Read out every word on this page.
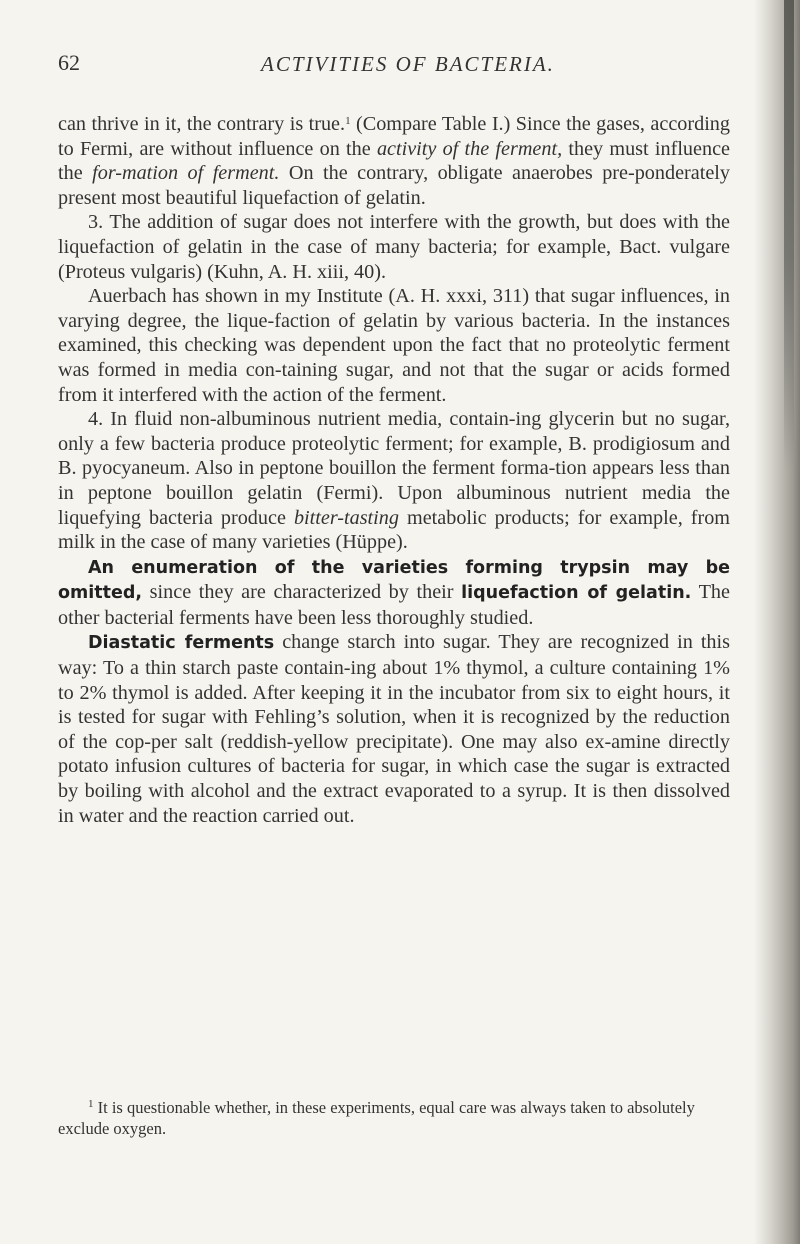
62	ACTIVITIES OF BACTERIA.

can thrive in it, the contrary is true.$^1$ (Compare Table I.) Since the gases, according to Fermi, are without influence on the activity of the ferment, they must influence the for-mation of ferment. On the contrary, obligate anaerobes pre-ponderately present most beautiful liquefaction of gelatin.

3. The addition of sugar does not interfere with the growth, but does with the liquefaction of gelatin in the case of many bacteria; for example, Bact. vulgare (Proteus vulgaris) (Kuhn, A. H. xiii, 40).

Auerbach has shown in my Institute (A. H. xxxi, 311) that sugar influences, in varying degree, the lique-faction of gelatin by various bacteria. In the instances examined, this checking was dependent upon the fact that no proteolytic ferment was formed in media con-taining sugar, and not that the sugar or acids formed from it interfered with the action of the ferment.

4. In fluid non-albuminous nutrient media, contain-ing glycerin but no sugar, only a few bacteria produce proteolytic ferment; for example, B. prodigiosum and B. pyocyaneum. Also in peptone bouillon the ferment forma-tion appears less than in peptone bouillon gelatin (Fermi). Upon albuminous nutrient media the liquefying bacteria produce bitter-tasting metabolic products; for example, from milk in the case of many varieties (Hüppe).

An enumeration of the varieties forming trypsin may be omitted, since they are characterized by their liquefaction of gelatin. The other bacterial ferments have been less thoroughly studied.

Diastatic ferments change starch into sugar. They are recognized in this way: To a thin starch paste contain-ing about 1% thymol, a culture containing 1% to 2% thymol is added. After keeping it in the incubator from six to eight hours, it is tested for sugar with Fehling’s solution, when it is recognized by the reduction of the cop-per salt (reddish-yellow precipitate). One may also ex-amine directly potato infusion cultures of bacteria for sugar, in which case the sugar is extracted by boiling with alcohol and the extract evaporated to a syrup. It is then dissolved in water and the reaction carried out.

$^1$ It is questionable whether, in these experiments, equal care was always taken to absolutely exclude oxygen.
